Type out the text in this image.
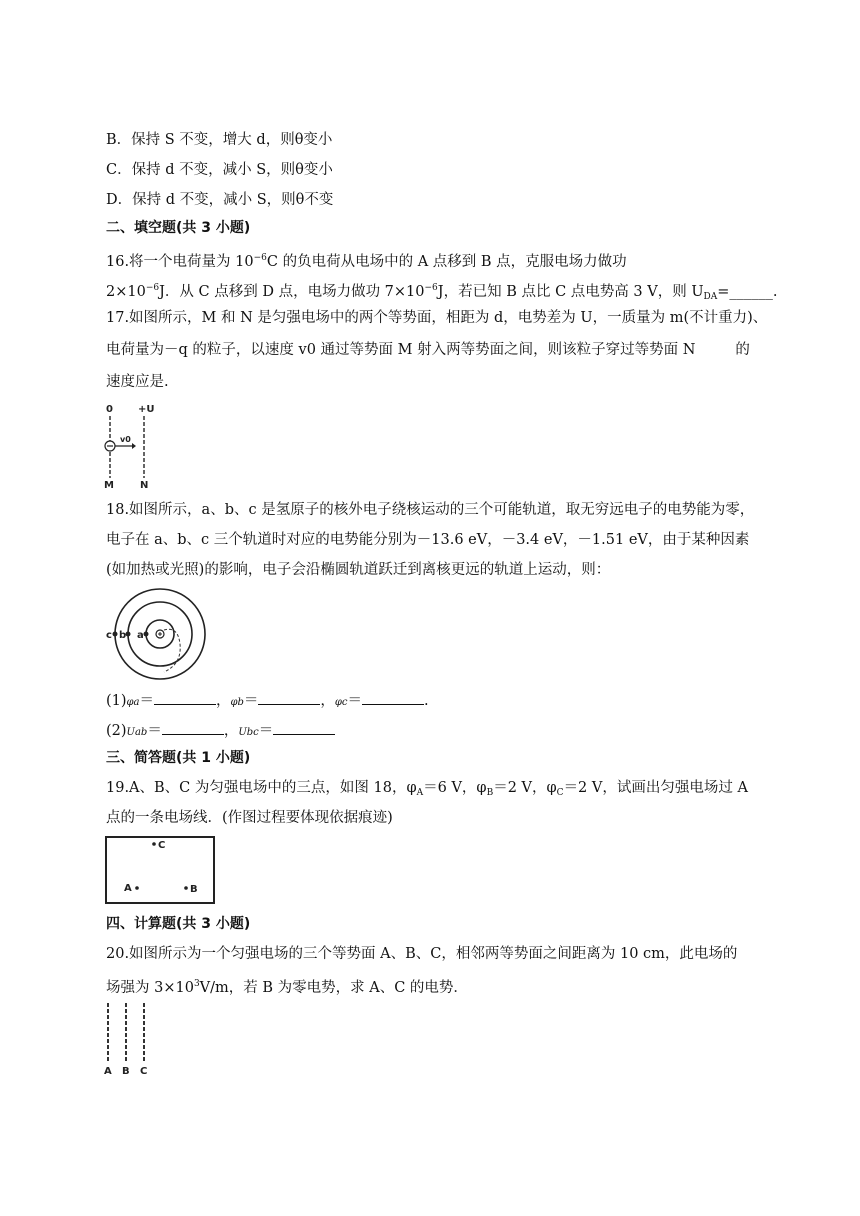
B．保持 S 不变，增大 d，则θ变小
C．保持 d 不变，减小 S，则θ变小
D．保持 d 不变，减小 S，则θ不变
二、填空题(共 3 小题)
16.将一个电荷量为 $10^{-6}C$ 的负电荷从电场中的 A 点移到 B 点，克服电场力做功
$2\times 10^{-6}J$．从 C 点移到 D 点，电场力做功 $7\times 10^{-6}J$，若已知 B 点比 C 点电势高 3 V，则 $U_{DA}=\_\_\_\_\_\_$.
17.如图所示，M 和 N 是匀强电场中的两个等势面，相距为 d，电势差为 U，一质量为 m(不计重力)、
电荷量为－q 的粒子，以速度 v0 通过等势面 M 射入两等势面之间，则该粒子穿过等势面 N	的
速度应是.
0	+U
v0
M	N
18.如图所示，a、b、c 是氢原子的核外电子绕核运动的三个可能轨道，取无穷远电子的电势能为零，
电子在 a、b、c 三个轨道时对应的电势能分别为－13.6 eV，－3.4 eV，－1.51 eV，由于某种因素
(如加热或光照)的影响，电子会沿椭圆轨道跃迁到离核更远的轨道上运动，则：
c b a
(1)φa＝	，φb＝	，φc＝	.
(2)Uab＝	，Ubc＝
三、简答题(共 1 小题)
19.A、B、C 为匀强电场中的三点，如图 18，$\varphi_A=6$ V，$\varphi_B=2$ V，$\varphi_C=2$ V，试画出匀强电场过 A
点的一条电场线．(作图过程要体现依据痕迹)
C
A	B
四、计算题(共 3 小题)
20.如图所示为一个匀强电场的三个等势面 A、B、C，相邻两等势面之间距离为 10 cm，此电场的
场强为 $3\times 10^3V/m$，若 B 为零电势，求 A、C 的电势．
A B C
